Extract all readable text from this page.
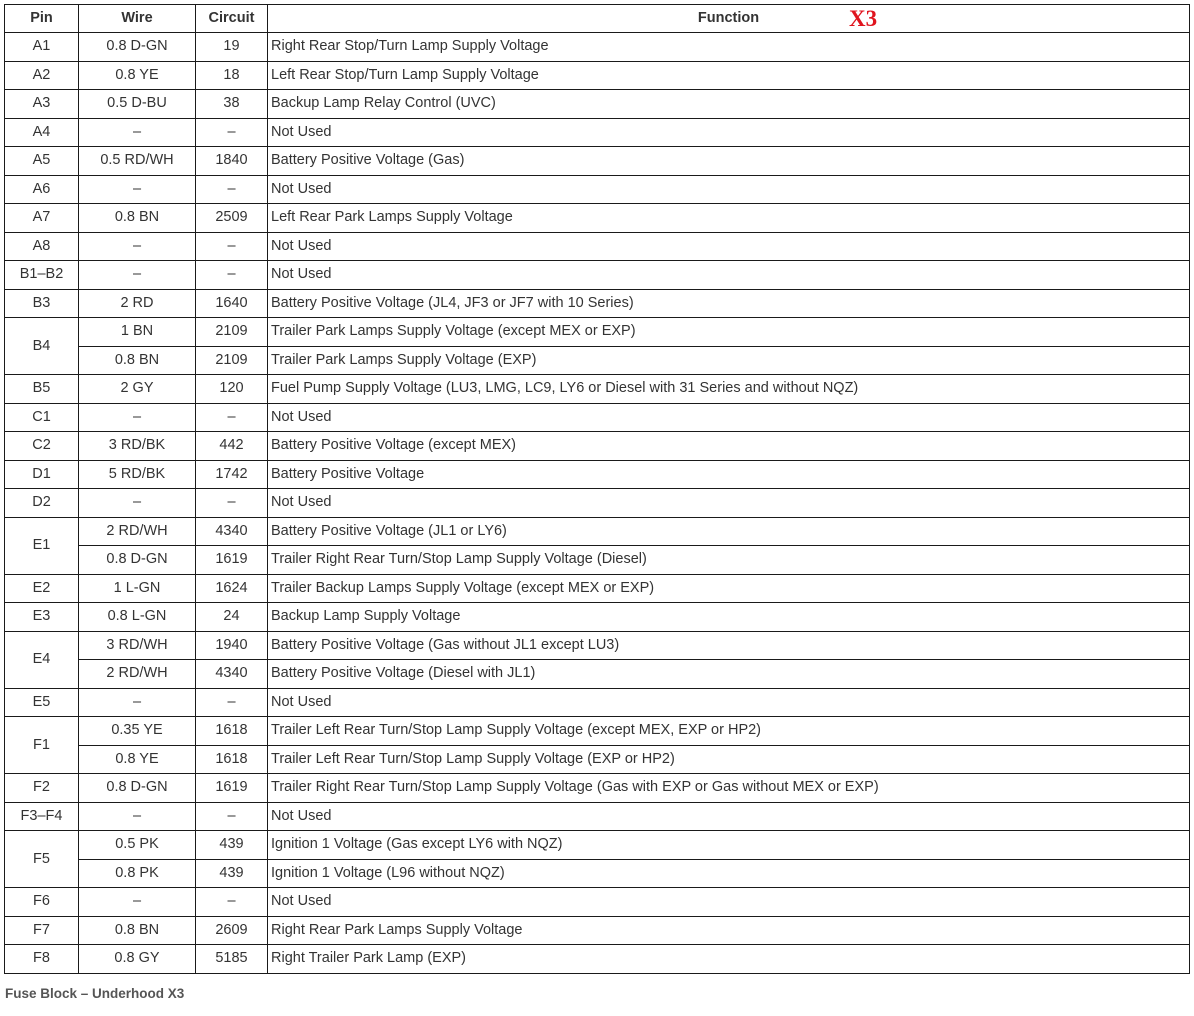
Pin	Wire	Circuit	Function X3

A1	0.8 D-GN	19	Right Rear Stop/Turn Lamp Supply Voltage
A2	0.8 YE	18	Left Rear Stop/Turn Lamp Supply Voltage
A3	0.5 D-BU	38	Backup Lamp Relay Control (UVC)
A4	–	–	Not Used
A5	0.5 RD/WH	1840	Battery Positive Voltage (Gas)
A6	–	–	Not Used
A7	0.8 BN	2509	Left Rear Park Lamps Supply Voltage
A8	–	–	Not Used
B1–B2	–	–	Not Used
B3	2 RD	1640	Battery Positive Voltage (JL4, JF3 or JF7 with 10 Series)
B4	1 BN	2109	Trailer Park Lamps Supply Voltage (except MEX or EXP)
	0.8 BN	2109	Trailer Park Lamps Supply Voltage (EXP)
B5	2 GY	120	Fuel Pump Supply Voltage (LU3, LMG, LC9, LY6 or Diesel with 31 Series and without NQZ)
C1	–	–	Not Used
C2	3 RD/BK	442	Battery Positive Voltage (except MEX)
D1	5 RD/BK	1742	Battery Positive Voltage
D2	–	–	Not Used
E1	2 RD/WH	4340	Battery Positive Voltage (JL1 or LY6)
	0.8 D-GN	1619	Trailer Right Rear Turn/Stop Lamp Supply Voltage (Diesel)
E2	1 L-GN	1624	Trailer Backup Lamps Supply Voltage (except MEX or EXP)
E3	0.8 L-GN	24	Backup Lamp Supply Voltage
E4	3 RD/WH	1940	Battery Positive Voltage (Gas without JL1 except LU3)
	2 RD/WH	4340	Battery Positive Voltage (Diesel with JL1)
E5	–	–	Not Used
F1	0.35 YE	1618	Trailer Left Rear Turn/Stop Lamp Supply Voltage (except MEX, EXP or HP2)
	0.8 YE	1618	Trailer Left Rear Turn/Stop Lamp Supply Voltage (EXP or HP2)
F2	0.8 D-GN	1619	Trailer Right Rear Turn/Stop Lamp Supply Voltage (Gas with EXP or Gas without MEX or EXP)
F3–F4	–	–	Not Used
F5	0.5 PK	439	Ignition 1 Voltage (Gas except LY6 with NQZ)
	0.8 PK	439	Ignition 1 Voltage (L96 without NQZ)
F6	–	–	Not Used
F7	0.8 BN	2609	Right Rear Park Lamps Supply Voltage
F8	0.8 GY	5185	Right Trailer Park Lamp (EXP)
Fuse Block – Underhood X3
